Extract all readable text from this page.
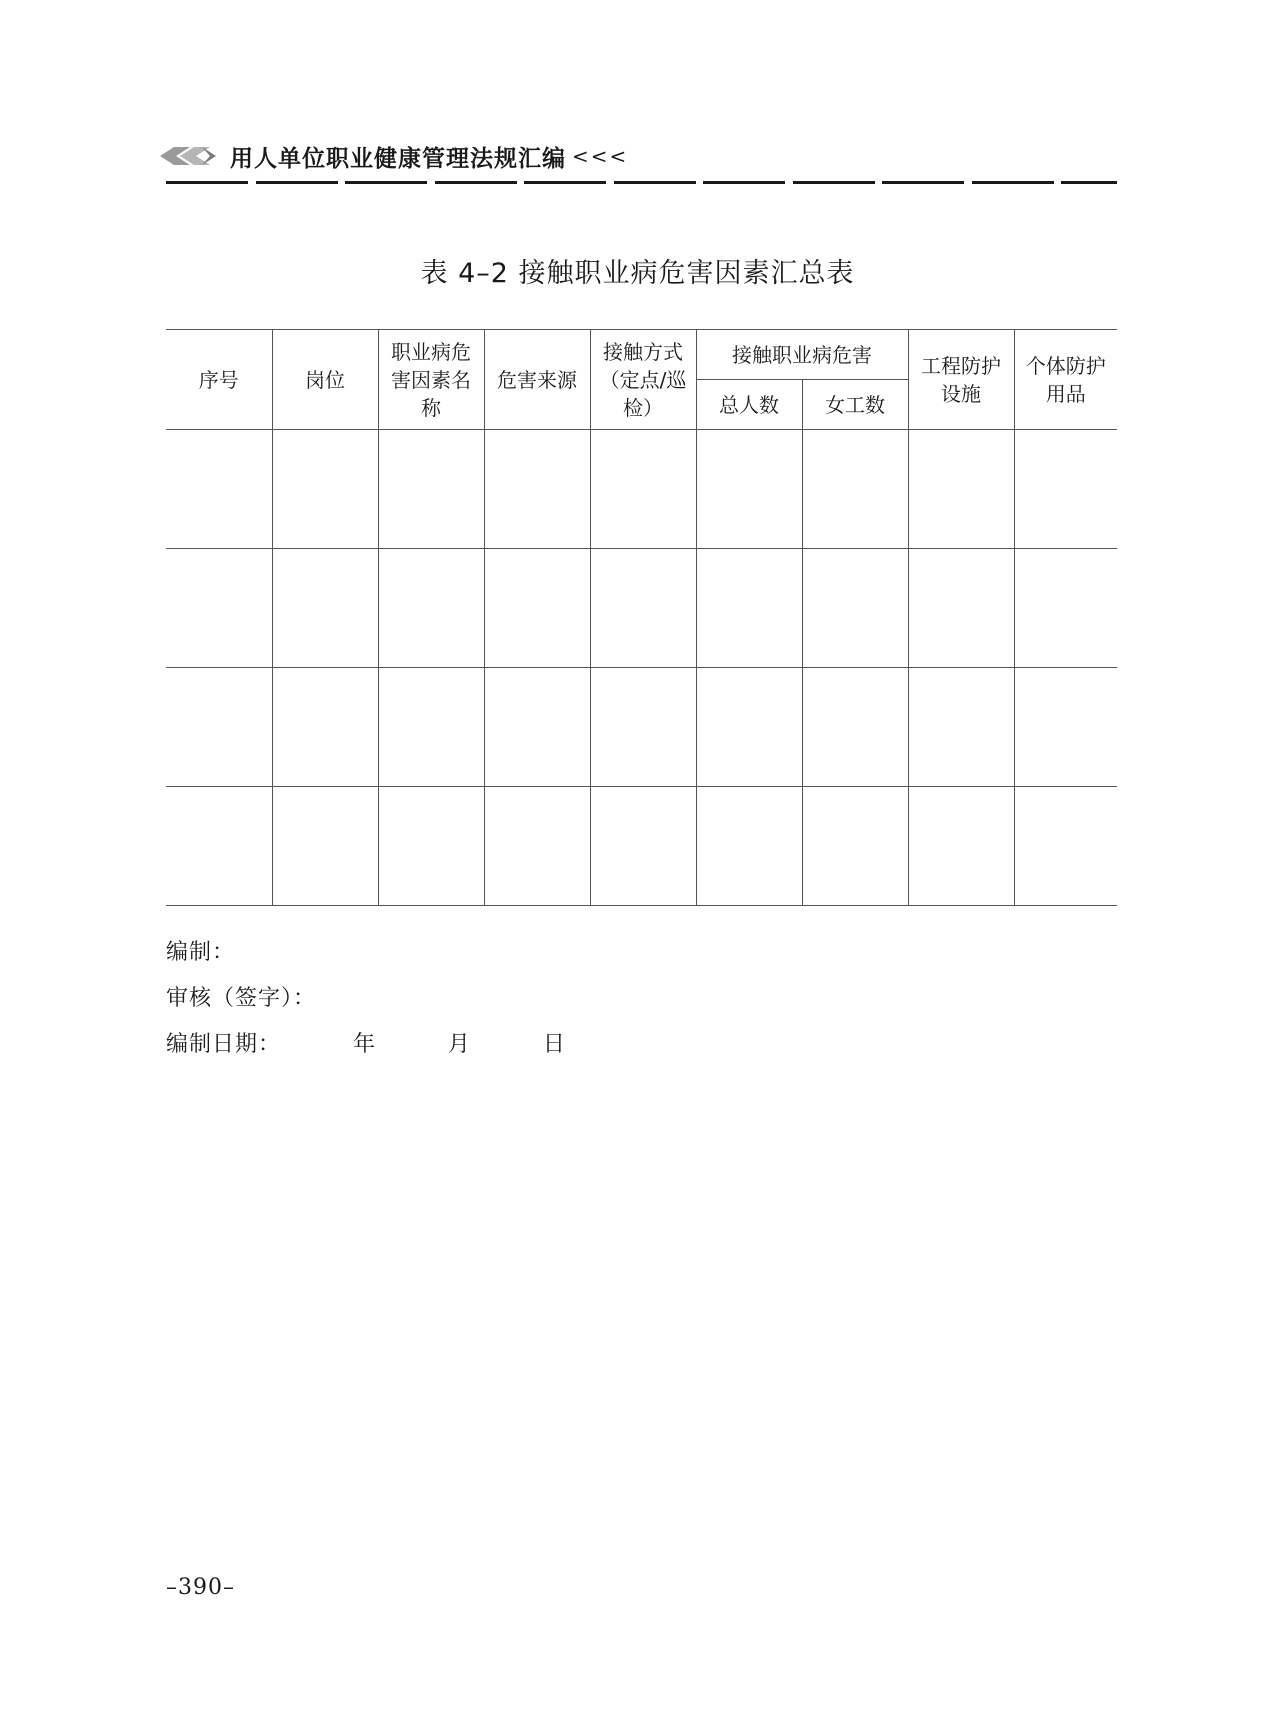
用人单位职业健康管理法规汇编 <<<
表 4–2 接触职业病危害因素汇总表
序号	岗位	职业病危害因素名称	危害来源	接触方式（定点/巡检）	接触职业病危害		工程防护设施	个体防护用品
					总人数	女工数		

编制：
审核（签字）：
编制日期：         年         月         日
–390–
